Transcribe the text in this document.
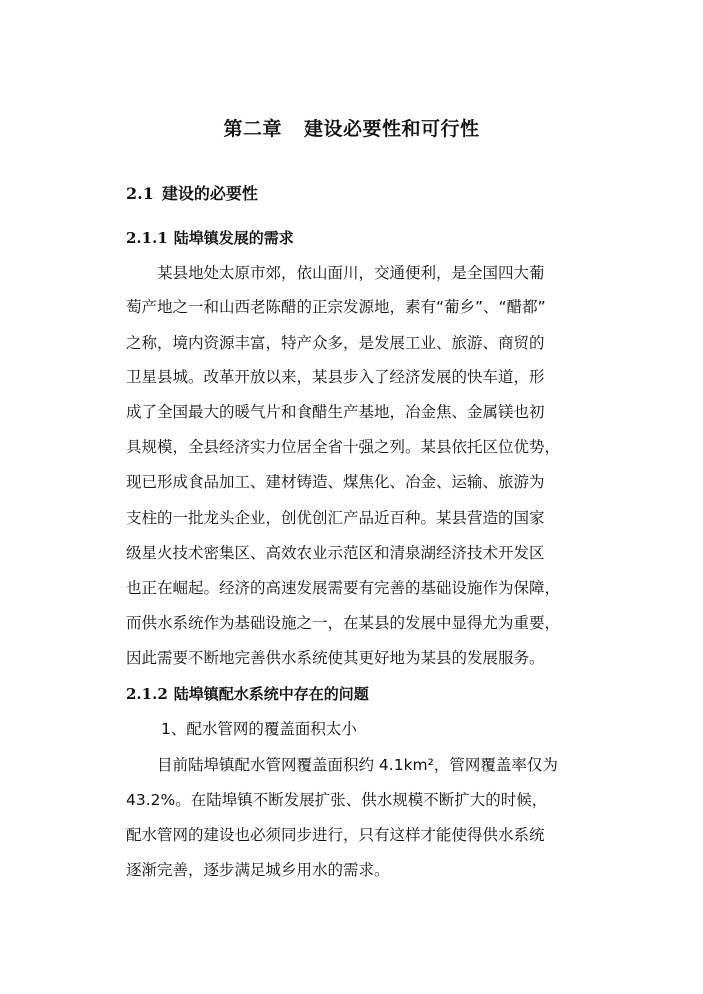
第二章 建设必要性和可行性
2.1 建设的必要性
2.1.1 陆埠镇发展的需求
某县地处太原市郊，依山面川，交通便利，是全国四大葡
萄产地之一和山西老陈醋的正宗发源地，素有“葡乡”、“醋都”
之称，境内资源丰富，特产众多，是发展工业、旅游、商贸的
卫星县城。改革开放以来，某县步入了经济发展的快车道，形
成了全国最大的暖气片和食醋生产基地，冶金焦、金属镁也初
具规模，全县经济实力位居全省十强之列。某县依托区位优势，
现已形成食品加工、建材铸造、煤焦化、冶金、运输、旅游为
支柱的一批龙头企业，创优创汇产品近百种。某县营造的国家
级星火技术密集区、高效农业示范区和清泉湖经济技术开发区
也正在崛起。经济的高速发展需要有完善的基础设施作为保障，
而供水系统作为基础设施之一，在某县的发展中显得尤为重要，
因此需要不断地完善供水系统使其更好地为某县的发展服务。
2.1.2 陆埠镇配水系统中存在的问题
1、配水管网的覆盖面积太小
目前陆埠镇配水管网覆盖面积约 4.1km²，管网覆盖率仅为
43.2%。在陆埠镇不断发展扩张、供水规模不断扩大的时候，
配水管网的建设也必须同步进行，只有这样才能使得供水系统
逐渐完善，逐步满足城乡用水的需求。
